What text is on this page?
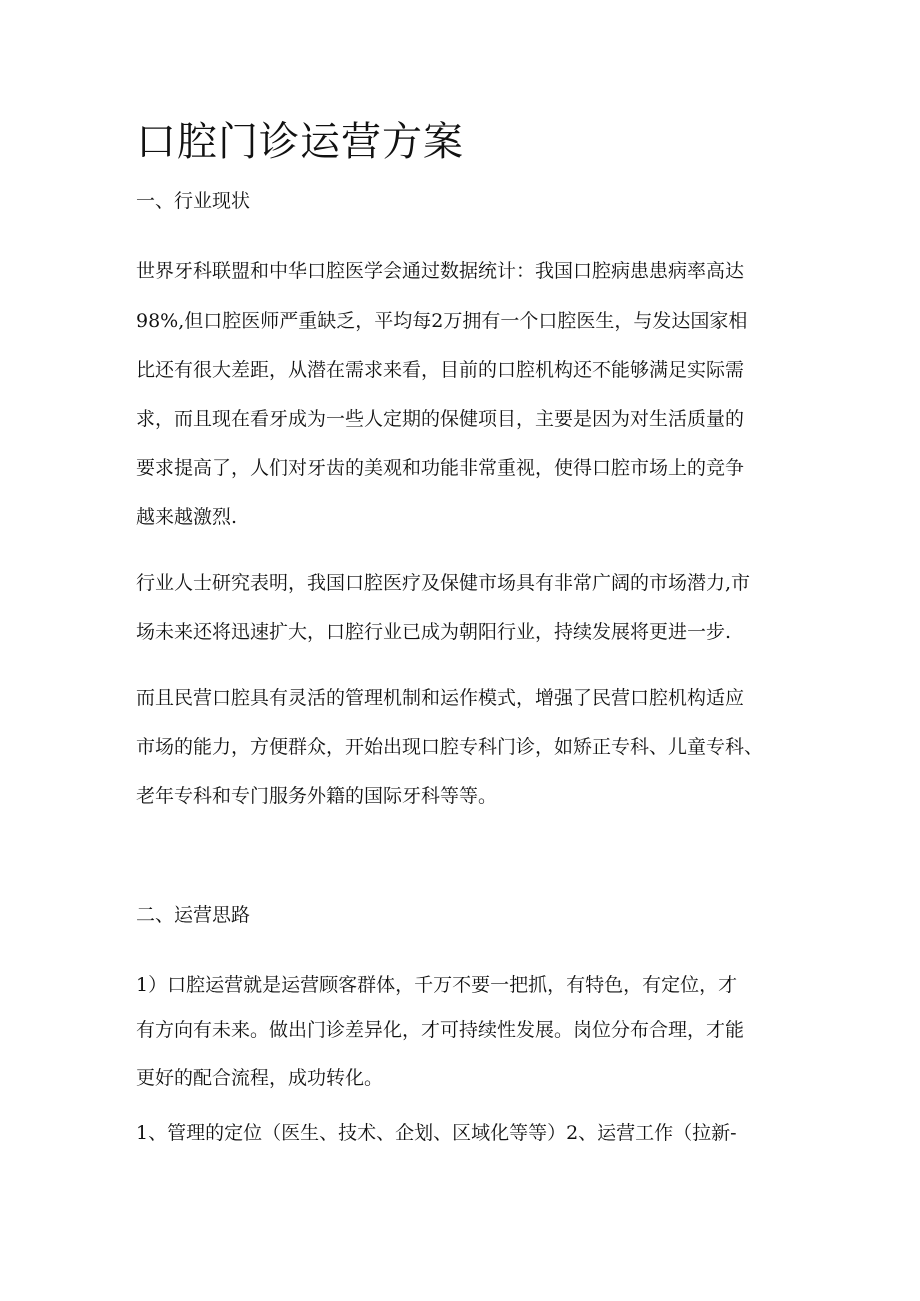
口腔门诊运营方案
一、行业现状

世界牙科联盟和中华口腔医学会通过数据统计：我国口腔病患患病率高达

98%,但口腔医师严重缺乏，平均每2万拥有一个口腔医生，与发达国家相

比还有很大差距，从潜在需求来看，目前的口腔机构还不能够满足实际需

求，而且现在看牙成为一些人定期的保健项目，主要是因为对生活质量的

要求提高了，人们对牙齿的美观和功能非常重视，使得口腔市场上的竞争

越来越激烈.

行业人士研究表明，我国口腔医疗及保健市场具有非常广阔的市场潜力,市

场未来还将迅速扩大，口腔行业已成为朝阳行业，持续发展将更进一步.

而且民营口腔具有灵活的管理机制和运作模式，增强了民营口腔机构适应

市场的能力，方便群众，开始出现口腔专科门诊，如矫正专科、儿童专科、

老年专科和专门服务外籍的国际牙科等等。

二、运营思路

1）口腔运营就是运营顾客群体，千万不要一把抓，有特色，有定位，才

有方向有未来。做出门诊差异化，才可持续性发展。岗位分布合理，才能

更好的配合流程，成功转化。

1、管理的定位（医生、技术、企划、区域化等等）2、运营工作（拉新-
